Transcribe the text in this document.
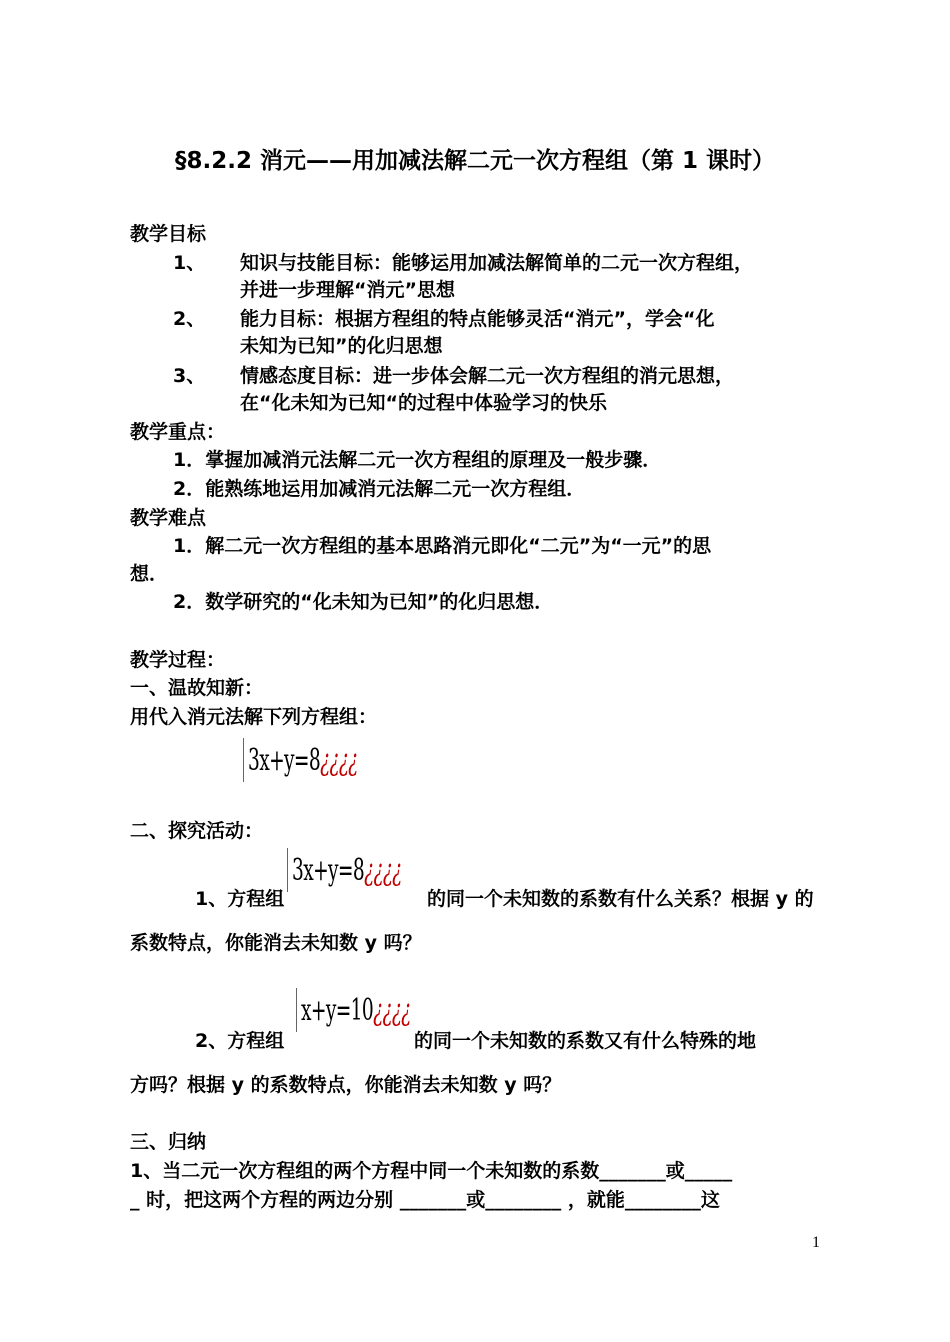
§8.2.2 消元——用加减法解二元一次方程组（第 1 课时）
教学目标
1、 知识与技能目标：能够运用加减法解简单的二元一次方程组，
并进一步理解“消元”思想
2、 能力目标：根据方程组的特点能够灵活“消元”，学会“化
未知为已知”的化归思想
3、 情感态度目标：进一步体会解二元一次方程组的消元思想，
在“化未知为已知“的过程中体验学习的快乐
教学重点：
1．掌握加减消元法解二元一次方程组的原理及一般步骤．
2．能熟练地运用加减消元法解二元一次方程组．
教学难点
1．解二元一次方程组的基本思路消元即化“二元”为“一元”的思
想．
2．数学研究的“化未知为已知”的化归思想．
教学过程：
一、温故知新：
用代入消元法解下列方程组：
3x+y=8¿¿¿¿
二、探究活动：
1、方程组
3x+y=8¿¿¿¿
的同一个未知数的系数有什么关系？根据 y 的
系数特点，你能消去未知数 y 吗？
2、方程组
x+y=10¿¿¿¿
的同一个未知数的系数又有什么特殊的地
方吗？根据 y 的系数特点，你能消去未知数 y 吗？
三、归纳
1、当二元一次方程组的两个方程中同一个未知数的系数_______或_____
_ 时，把这两个方程的两边分别 _______或________ ，就能________这
1
